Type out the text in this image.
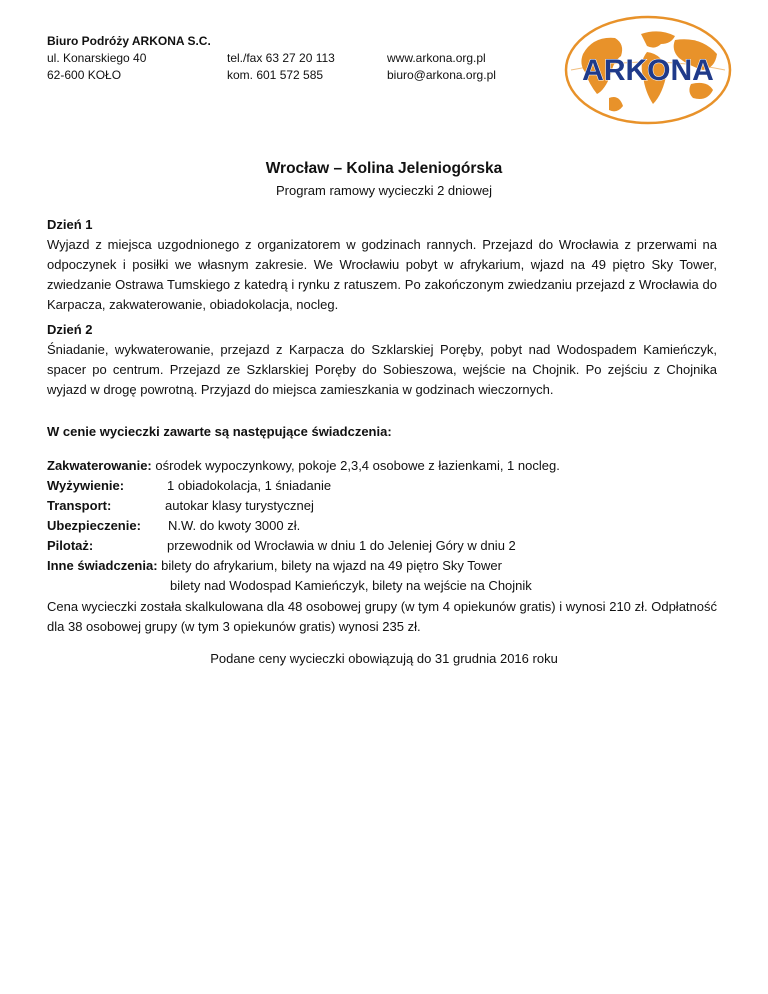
Biuro Podróży ARKONA S.C.
ul. Konarskiego 40
62-600 KOŁO
tel./fax 63 27 20 113
kom. 601 572 585
www.arkona.org.pl
biuro@arkona.org.pl	ARKONA
Wrocław – Kolina Jeleniogórska
Program ramowy wycieczki 2 dniowej
Dzień 1
Wyjazd z miejsca uzgodnionego z organizatorem w godzinach rannych. Przejazd do Wrocławia z przerwami na odpoczynek i posiłki we własnym zakresie. We Wrocławiu pobyt w afrykarium, wjazd na 49 piętro Sky Tower, zwiedzanie Ostrawa Tumskiego z katedrą i rynku z ratuszem. Po zakończonym zwiedzaniu przejazd z Wrocławia do Karpacza, zakwaterowanie, obiadokolacja, nocleg.
Dzień 2
Śniadanie, wykwaterowanie, przejazd z Karpacza do Szklarskiej Poręby, pobyt nad Wodospadem Kamieńczyk, spacer po centrum. Przejazd ze Szklarskiej Poręby do Sobieszowa, wejście na Chojnik. Po zejściu z Chojnika wyjazd w drogę powrotną. Przyjazd do miejsca zamieszkania w godzinach wieczornych.
W cenie wycieczki zawarte są następujące świadczenia:
Zakwaterowanie: ośrodek wypoczynkowy, pokoje 2,3,4 osobowe z łazienkami, 1 nocleg.
Wyżywienie:	1 obiadokolacja, 1 śniadanie
Transport:	autokar klasy turystycznej
Ubezpieczenie: N.W. do kwoty 3000 zł.
Pilotaż:	przewodnik od Wrocławia w dniu 1 do Jeleniej Góry w dniu 2
Inne świadczenia: bilety do afrykarium, bilety na wjazd na 49 piętro Sky Tower
bilety nad Wodospad Kamieńczyk, bilety na wejście na Chojnik
Cena wycieczki została skalkulowana dla 48 osobowej grupy (w tym 4 opiekunów gratis) i wynosi 210 zł. Odpłatność dla 38 osobowej grupy (w tym 3 opiekunów gratis) wynosi 235 zł.
Podane ceny wycieczki obowiązują do 31 grudnia 2016 roku
